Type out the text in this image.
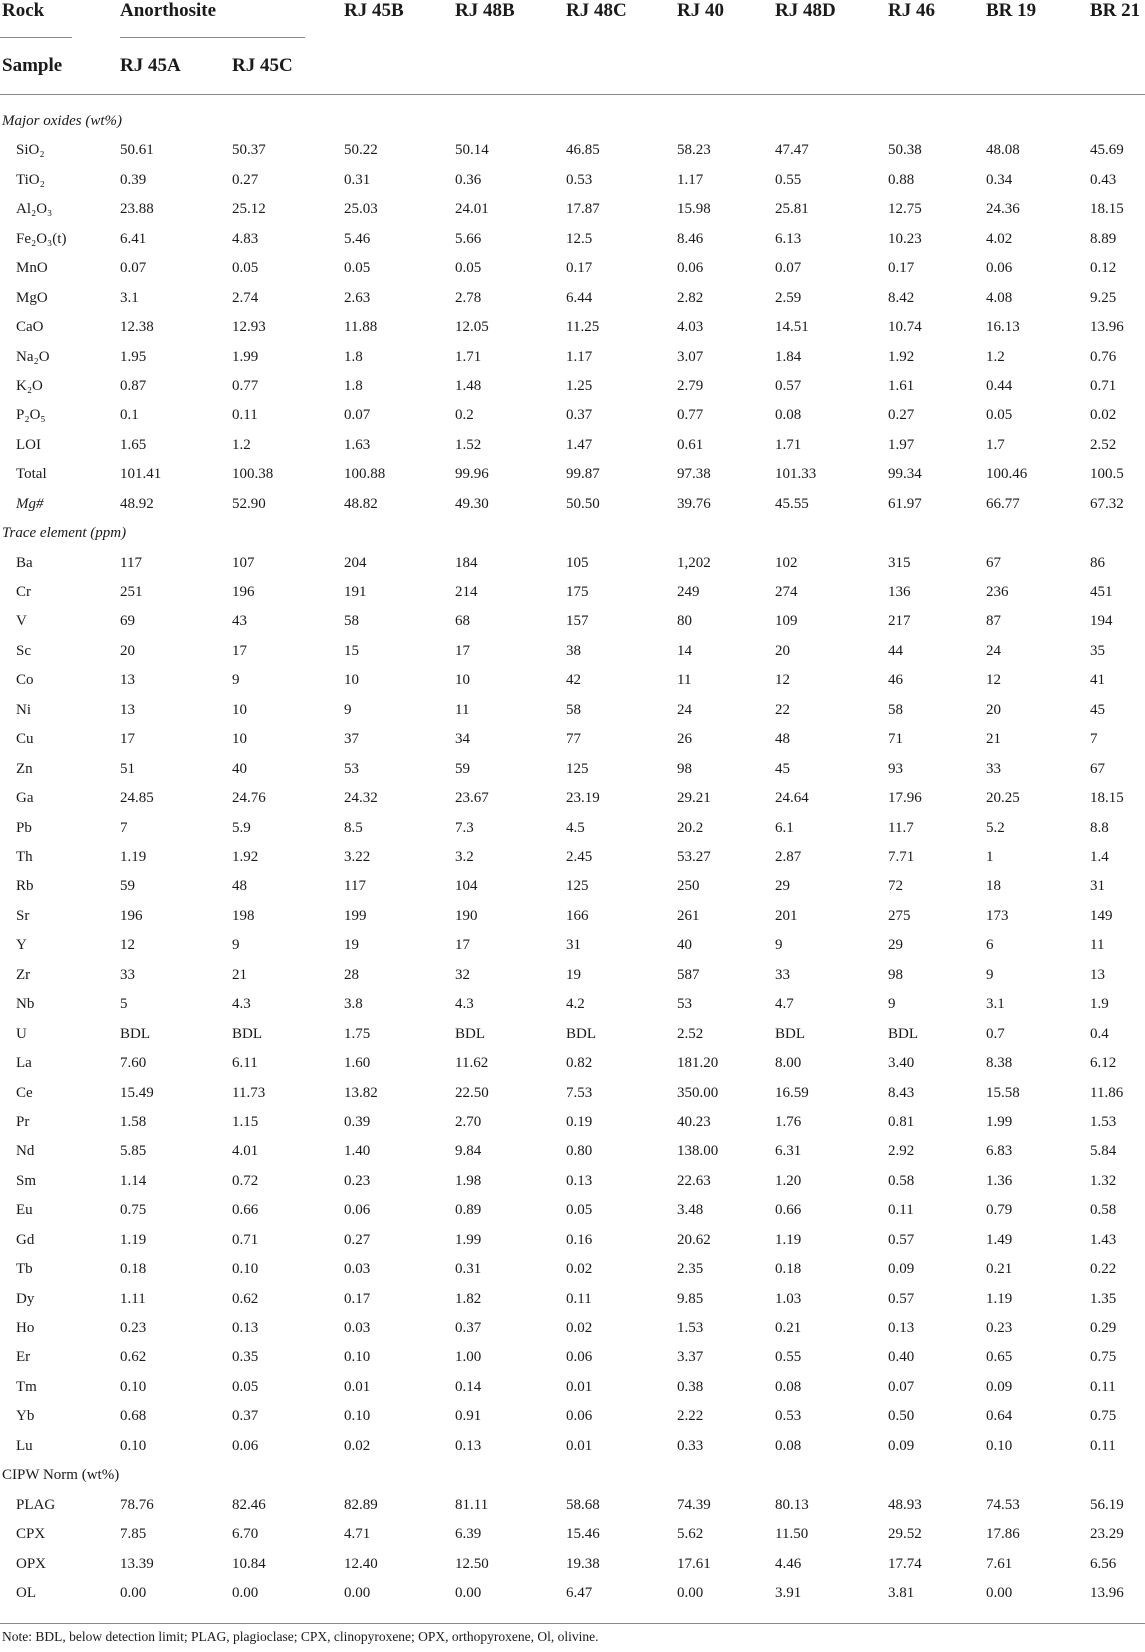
Rock	Anorthosite	RJ 45B	RJ 48B	RJ 48C	RJ 40	RJ 48D	RJ 46	BR 19	BR 21
Sample	RJ 45A	RJ 45C
Major oxides (wt%)
SiO₂	50.61	50.37	50.22	50.14	46.85	58.23	47.47	50.38	48.08	45.69
TiO₂	0.39	0.27	0.31	0.36	0.53	1.17	0.55	0.88	0.34	0.43
Al₂O₃	23.88	25.12	25.03	24.01	17.87	15.98	25.81	12.75	24.36	18.15
Fe₂O₃(t)	6.41	4.83	5.46	5.66	12.5	8.46	6.13	10.23	4.02	8.89
MnO	0.07	0.05	0.05	0.05	0.17	0.06	0.07	0.17	0.06	0.12
MgO	3.1	2.74	2.63	2.78	6.44	2.82	2.59	8.42	4.08	9.25
CaO	12.38	12.93	11.88	12.05	11.25	4.03	14.51	10.74	16.13	13.96
Na₂O	1.95	1.99	1.8	1.71	1.17	3.07	1.84	1.92	1.2	0.76
K₂O	0.87	0.77	1.8	1.48	1.25	2.79	0.57	1.61	0.44	0.71
P₂O₅	0.1	0.11	0.07	0.2	0.37	0.77	0.08	0.27	0.05	0.02
LOI	1.65	1.2	1.63	1.52	1.47	0.61	1.71	1.97	1.7	2.52
Total	101.41	100.38	100.88	99.96	99.87	97.38	101.33	99.34	100.46	100.5
Mg#	48.92	52.90	48.82	49.30	50.50	39.76	45.55	61.97	66.77	67.32
Trace element (ppm)
Ba	117	107	204	184	105	1,202	102	315	67	86
Cr	251	196	191	214	175	249	274	136	236	451
V	69	43	58	68	157	80	109	217	87	194
Sc	20	17	15	17	38	14	20	44	24	35
Co	13	9	10	10	42	11	12	46	12	41
Ni	13	10	9	11	58	24	22	58	20	45
Cu	17	10	37	34	77	26	48	71	21	7
Zn	51	40	53	59	125	98	45	93	33	67
Ga	24.85	24.76	24.32	23.67	23.19	29.21	24.64	17.96	20.25	18.15
Pb	7	5.9	8.5	7.3	4.5	20.2	6.1	11.7	5.2	8.8
Th	1.19	1.92	3.22	3.2	2.45	53.27	2.87	7.71	1	1.4
Rb	59	48	117	104	125	250	29	72	18	31
Sr	196	198	199	190	166	261	201	275	173	149
Y	12	9	19	17	31	40	9	29	6	11
Zr	33	21	28	32	19	587	33	98	9	13
Nb	5	4.3	3.8	4.3	4.2	53	4.7	9	3.1	1.9
U	BDL	BDL	1.75	BDL	BDL	2.52	BDL	BDL	0.7	0.4
La	7.60	6.11	1.60	11.62	0.82	181.20	8.00	3.40	8.38	6.12
Ce	15.49	11.73	13.82	22.50	7.53	350.00	16.59	8.43	15.58	11.86
Pr	1.58	1.15	0.39	2.70	0.19	40.23	1.76	0.81	1.99	1.53
Nd	5.85	4.01	1.40	9.84	0.80	138.00	6.31	2.92	6.83	5.84
Sm	1.14	0.72	0.23	1.98	0.13	22.63	1.20	0.58	1.36	1.32
Eu	0.75	0.66	0.06	0.89	0.05	3.48	0.66	0.11	0.79	0.58
Gd	1.19	0.71	0.27	1.99	0.16	20.62	1.19	0.57	1.49	1.43
Tb	0.18	0.10	0.03	0.31	0.02	2.35	0.18	0.09	0.21	0.22
Dy	1.11	0.62	0.17	1.82	0.11	9.85	1.03	0.57	1.19	1.35
Ho	0.23	0.13	0.03	0.37	0.02	1.53	0.21	0.13	0.23	0.29
Er	0.62	0.35	0.10	1.00	0.06	3.37	0.55	0.40	0.65	0.75
Tm	0.10	0.05	0.01	0.14	0.01	0.38	0.08	0.07	0.09	0.11
Yb	0.68	0.37	0.10	0.91	0.06	2.22	0.53	0.50	0.64	0.75
Lu	0.10	0.06	0.02	0.13	0.01	0.33	0.08	0.09	0.10	0.11
CIPW Norm (wt%)
PLAG	78.76	82.46	82.89	81.11	58.68	74.39	80.13	48.93	74.53	56.19
CPX	7.85	6.70	4.71	6.39	15.46	5.62	11.50	29.52	17.86	23.29
OPX	13.39	10.84	12.40	12.50	19.38	17.61	4.46	17.74	7.61	6.56
OL	0.00	0.00	0.00	0.00	6.47	0.00	3.91	3.81	0.00	13.96
Note: BDL, below detection limit; PLAG, plagioclase; CPX, clinopyroxene; OPX, orthopyroxene, Ol, olivine.
